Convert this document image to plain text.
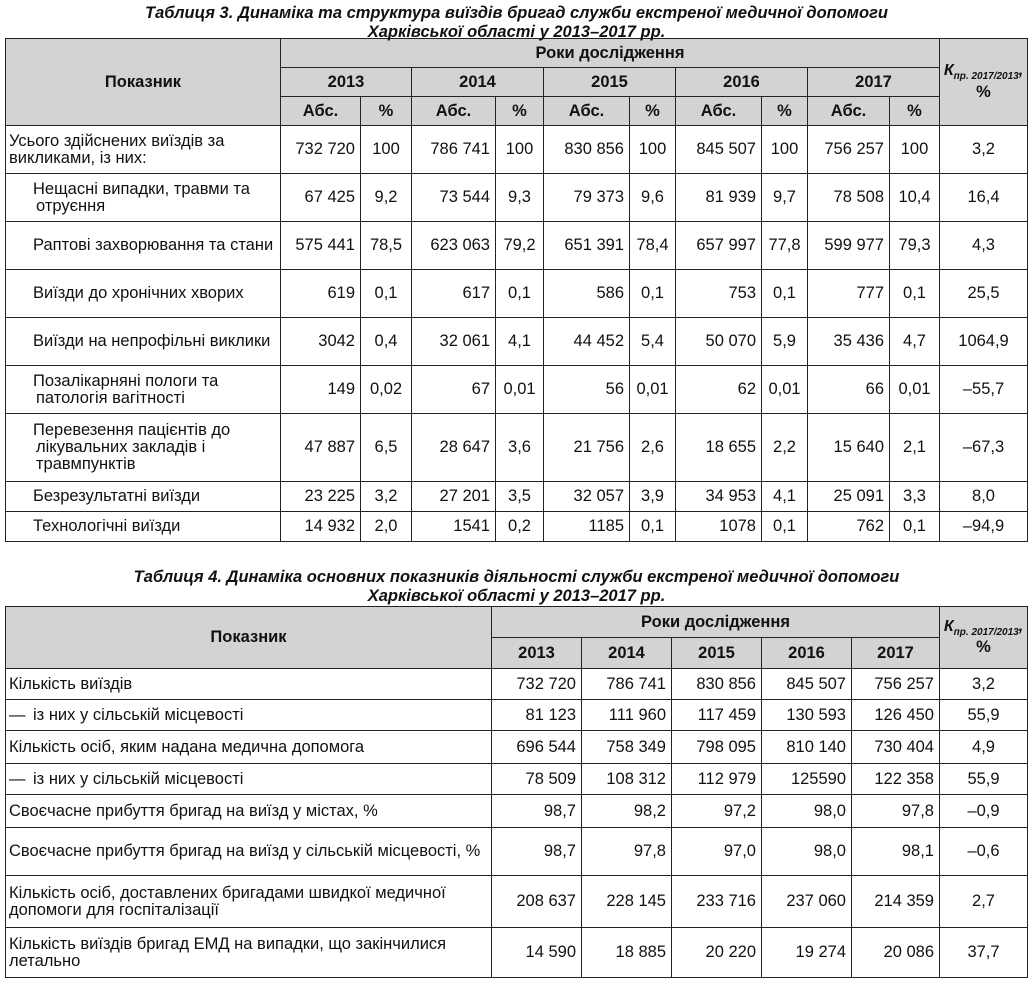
Таблиця 3. Динаміка та структура виїздів бригад служби екстреної медичної допомоги
Харківської області у 2013–2017 рр.
Показник	Роки дослідження										$К_{пр. 2017/2013}$,
%

	2013		2014		2015		2016		2017		
	Абс.	%	Абс.	%	Абс.	%	Абс.	%	Абс.	%	
Усього здійснених виїздів за викликами, із них:	732 720	100	786 741	100	830 856	100	845 507	100	756 257	100	3,2

Нещасні випадки, травми та отруєння	67 425	9,2	73 544	9,3	79 373	9,6	81 939	9,7	78 508	10,4	16,4

Раптові захворювання та стани	575 441	78,5	623 063	79,2	651 391	78,4	657 997	77,8	599 977	79,3	4,3

Виїзди до хронічних хворих	619	0,1	617	0,1	586	0,1	753	0,1	777	0,1	25,5

Виїзди на непрофільні виклики	3042	0,4	32 061	4,1	44 452	5,4	50 070	5,9	35 436	4,7	1064,9

Позалікарняні пологи та патологія вагітності	149	0,02	67	0,01	56	0,01	62	0,01	66	0,01	–55,7

Перевезення пацієнтів до лікувальних закладів і травмпунктів	47 887	6,5	28 647	3,6	21 756	2,6	18 655	2,2	15 640	2,1	–67,3

Безрезультатні виїзди	23 225	3,2	27 201	3,5	32 057	3,9	34 953	4,1	25 091	3,3	8,0

Технологічні виїзди	14 932	2,0	1541	0,2	1185	0,1	1078	0,1	762	0,1	–94,9
Таблиця 4. Динаміка основних показників діяльності служби екстреної медичної допомоги
Харківської області у 2013–2017 рр.
Показник	Роки дослідження					$К_{пр. 2017/2013}$,
%

	2013	2014	2015	2016	2017	
Кількість виїздів	732 720	786 741	830 856	845 507	756 257	3,2
— із них у сільській місцевості	81 123	111 960	117 459	130 593	126 450	55,9
Кількість осіб, яким надана медична допомога	696 544	758 349	798 095	810 140	730 404	4,9
— із них у сільській місцевості	78 509	108 312	112 979	125590	122 358	55,9
Своєчасне прибуття бригад на виїзд у містах, %	98,7	98,2	97,2	98,0	97,8	–0,9
Своєчасне прибуття бригад на виїзд у сільській місцевості, %	98,7	97,8	97,0	98,0	98,1	–0,6
Кількість осіб, доставлених бригадами швидкої медичної допомоги для госпіталізації	208 637	228 145	233 716	237 060	214 359	2,7
Кількість виїздів бригад ЕМД на випадки, що закінчилися летально	14 590	18 885	20 220	19 274	20 086	37,7
